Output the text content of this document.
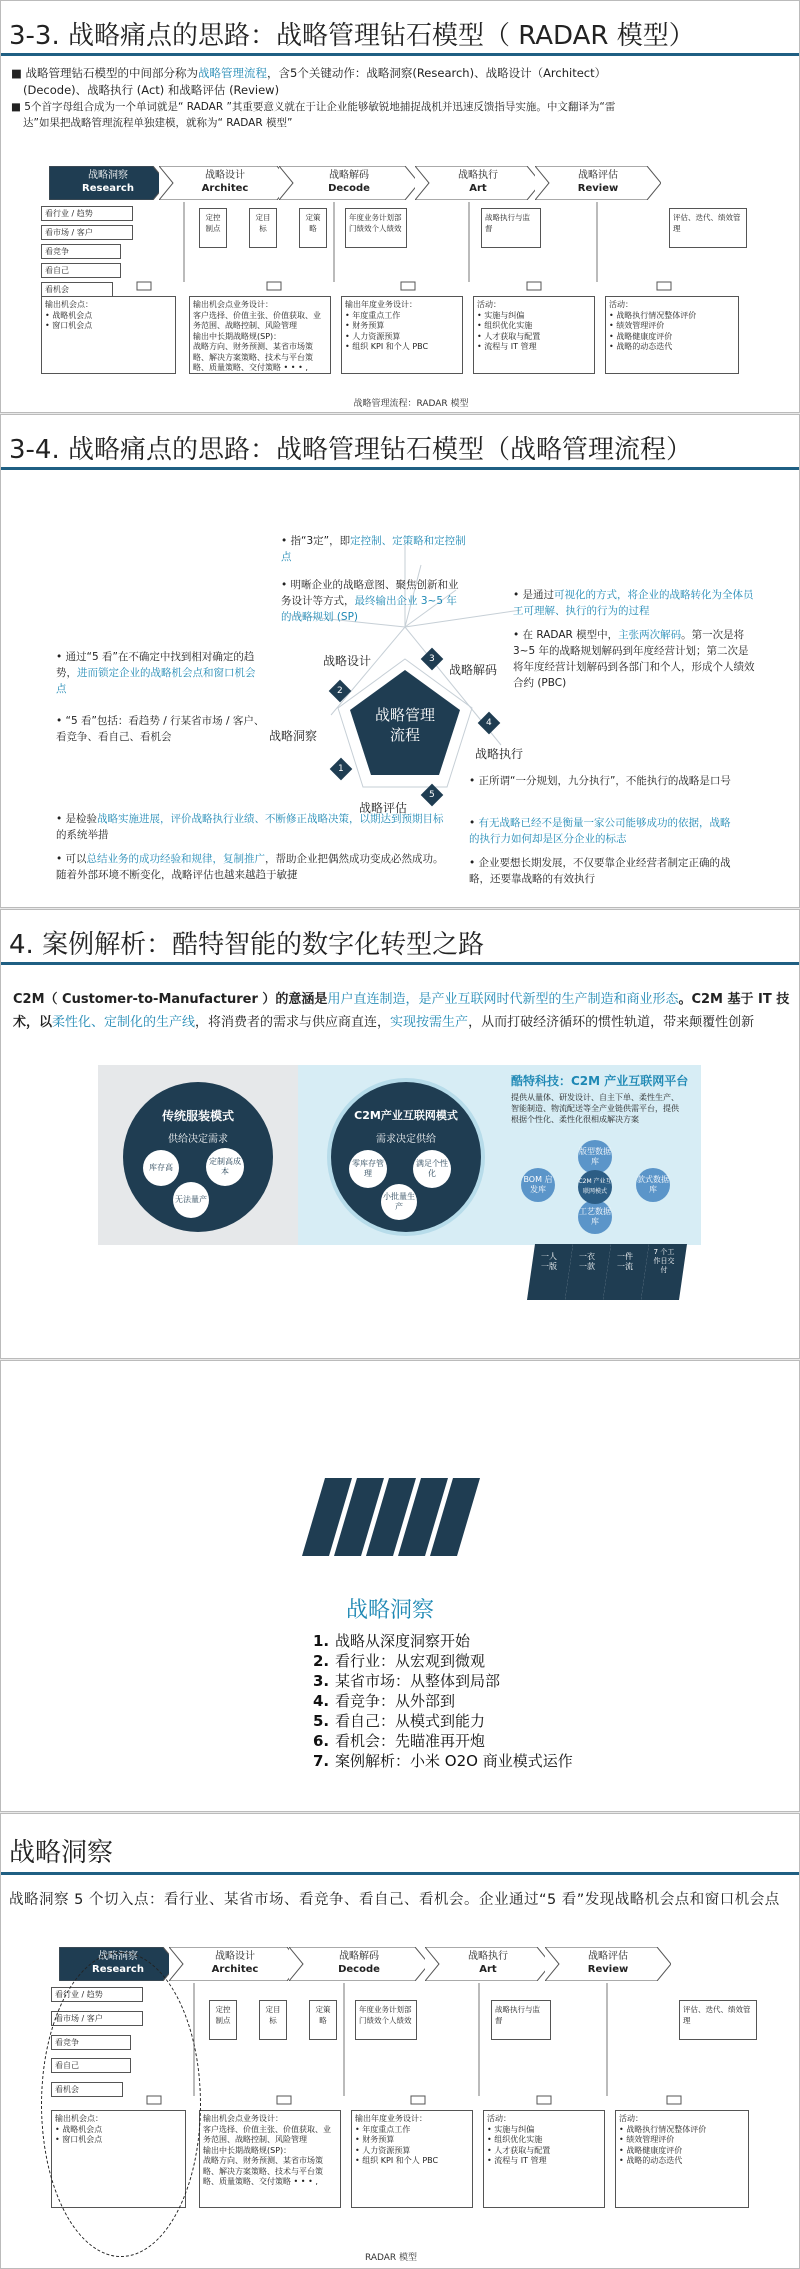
3-3. 战略痛点的思路：战略管理钻石模型（ RADAR 模型）
■ 战略管理钻石模型的中间部分称为战略管理流程，含5个关键动作：战略洞察(Research)、战略设计（Architect）
(Decode)、战略执行 (Act) 和战略评估 (Review)
■ 5个首字母组合成为一个单词就是“ RADAR ”其重要意义就在于让企业能够敏锐地捕捉战机并迅速反馈指导实施。中文翻译为“雷
达”如果把战略管理流程单独建模，就称为“ RADAR 模型”
战略洞察
Research
战略设计
Architec
战略解码
Decode
战略执行
Art
战略评估
Review
看行业 / 趋势
看市场 / 客户
看竞争
看自己
看机会
定控制点
定目标
定策略
年度业务计划部门绩效个人绩效
战略执行与监督
评估、迭代、绩效管理
输出机会点：
• 战略机会点
• 窗口机会点
输出机会点业务设计：
客户选择、价值主张、价值获取、业务范围、战略控制、风险管理
输出中长期战略规(SP)：
战略方向、财务预测、某省市场策略、解决方案策略、技术与平台策略、质量策略、交付策略 • • • ,
输出年度业务设计：
• 年度重点工作
• 财务预算
• 人力资源预算
• 组织 KPI 和个人 PBC
活动：
• 实施与纠偏
• 组织优化实施
• 人才获取与配置
• 流程与 IT 管理
活动：
• 战略执行情况整体评价
• 绩效管理评价
• 战略健康度评价
• 战略的动态迭代
战略管理流程：RADAR 模型
3-4. 战略痛点的思路：战略管理钻石模型（战略管理流程）
战略管理
流程
战略设计
战略解码
战略执行
战略评估
战略洞察
2
3
4
5
1
• 指“3定”，即定控制、定策略和定控制点
• 明晰企业的战略意图、聚焦创新和业务设计等方式，最终输出企业 3~5 年的战略规划 (SP)
• 是通过可视化的方式，将企业的战略转化为全体员工可理解、执行的行为的过程
• 在 RADAR 模型中，主张两次解码。第一次是将 3~5 年的战略规划解码到年度经营计划；第二次是将年度经营计划解码到各部门和个人，形成个人绩效合约 (PBC)
• 通过“5 看”在不确定中找到相对确定的趋势，进而锁定企业的战略机会点和窗口机会点
• “5 看”包括：看趋势 / 行某省市场 / 客户、看竞争、看自己、看机会
• 正所谓“一分规划，九分执行”，不能执行的战略是口号
• 有无战略已经不是衡量一家公司能够成功的依据，战略的执行力如何却是区分企业的标志
• 企业要想长期发展，不仅要靠企业经营者制定正确的战略，还要靠战略的有效执行
• 是检验战略实施进展，评价战略执行业绩、不断修正战略决策，以期达到预期目标的系统举措
• 可以总结业务的成功经验和规律，复制推广，帮助企业把偶然成功变成必然成功。随着外部环境不断变化，战略评估也越来越趋于敏捷
4. 案例解析：酷特智能的数字化转型之路
C2M（ Customer-to-Manufacturer ）的意涵是用户直连制造，是产业互联网时代新型的生产制造和商业形态。C2M 基于 IT 技术，以柔性化、定制化的生产线，将消费者的需求与供应商直连，实现按需生产，从而打破经济循环的惯性轨道，带来颠覆性创新
传统服装模式
供给决定需求
库存高
定制高成本
无法量产
C2M产业互联网模式
需求决定供给
零库存管理
满足个性化
小批量生产
酷特科技：C2M 产业互联网平台
提供从量体、研发设计、自主下单、柔性生产、智能制造、物流配送等全产业链供需平台，提供根据个性化、柔性化很相成解决方案
版型数据库
款式数据库
工艺数据库
BOM 启发库
C2M 产业互联网模式
一人一版
一衣一款
一件一流
7 个工作日交付
战略洞察
1. 战略从深度洞察开始
2. 看行业：从宏观到微观
3. 某省市场：从整体到局部
4. 看竞争：从外部到
5. 看自己：从模式到能力
6. 看机会：先瞄准再开炮
7. 案例解析：小米 O2O 商业模式运作
战略洞察
战略洞察 5 个切入点：看行业、某省市场、看竞争、看自己、看机会。企业通过“5 看”发现战略机会点和窗口机会点
战略洞察
Research
战略设计
Architec
战略解码
Decode
战略执行
Art
战略评估
Review
看行业 / 趋势
看市场 / 客户
看竞争
看自己
看机会
定控制点
定目标
定策略
年度业务计划部门绩效个人绩效
战略执行与监督
评估、迭代、绩效管理
输出机会点：
• 战略机会点
• 窗口机会点
输出机会点业务设计：
客户选择、价值主张、价值获取、业务范围、战略控制、风险管理
输出中长期战略规(SP)：
战略方向、财务预测、某省市场策略、解决方案策略、技术与平台策略、质量策略、交付策略 • • • ,
输出年度业务设计：
• 年度重点工作
• 财务预算
• 人力资源预算
• 组织 KPI 和个人 PBC
活动：
• 实施与纠偏
• 组织优化实施
• 人才获取与配置
• 流程与 IT 管理
活动：
• 战略执行情况整体评价
• 绩效管理评价
• 战略健康度评价
• 战略的动态迭代
RADAR 模型
